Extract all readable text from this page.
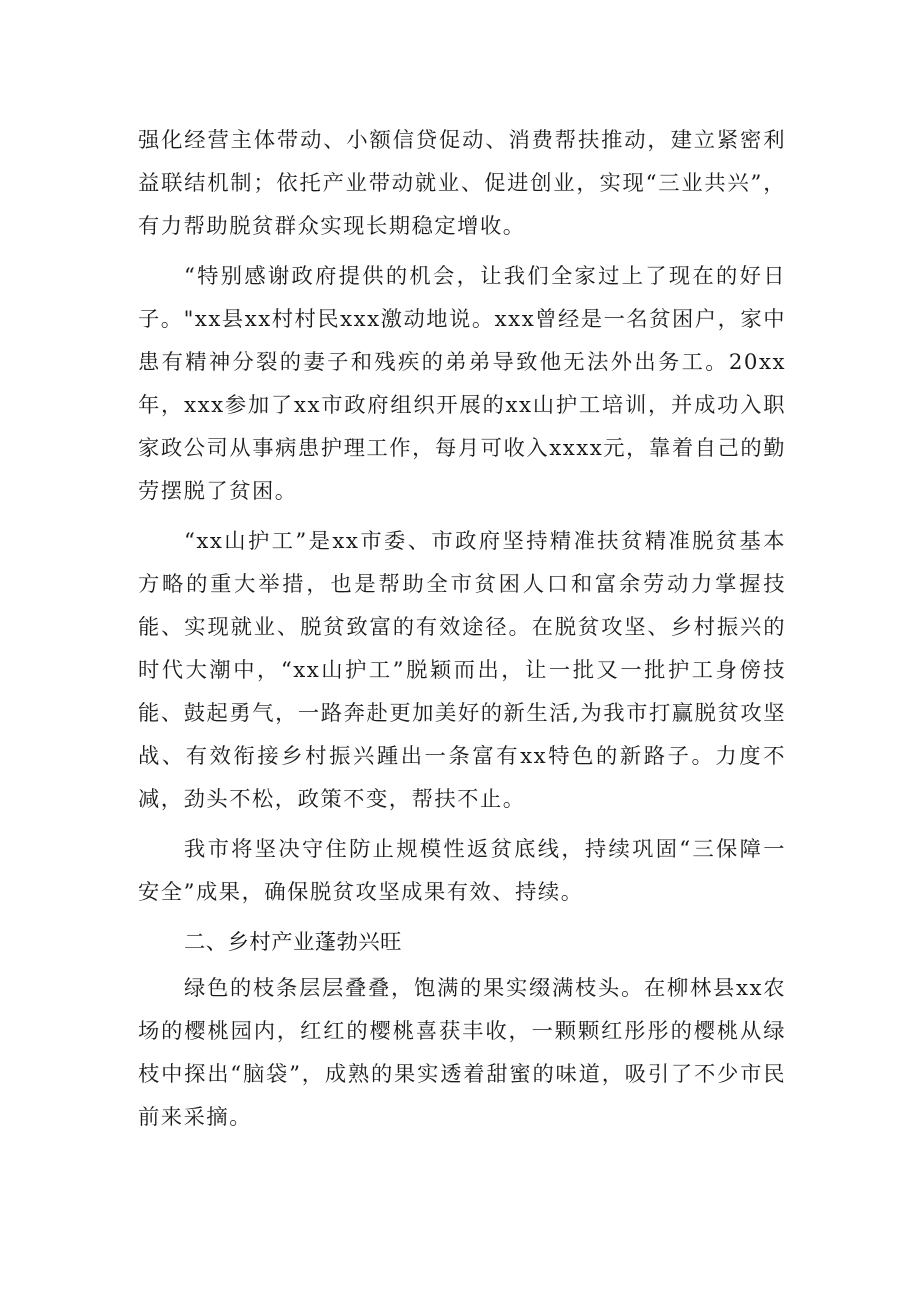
强化经营主体带动、小额信贷促动、消费帮扶推动，建立紧密利益联结机制；依托产业带动就业、促进创业，实现“三业共兴”，有力帮助脱贫群众实现长期稳定增收。

“特别感谢政府提供的机会，让我们全家过上了现在的好日子。"xx县xx村村民xxx激动地说。xxx曾经是一名贫困户，家中患有精神分裂的妻子和残疾的弟弟导致他无法外出务工。20xx年，xxx参加了xx市政府组织开展的xx山护工培训，并成功入职家政公司从事病患护理工作，每月可收入xxxx元，靠着自己的勤劳摆脱了贫困。

“xx山护工”是xx市委、市政府坚持精准扶贫精准脱贫基本方略的重大举措，也是帮助全市贫困人口和富余劳动力掌握技能、实现就业、脱贫致富的有效途径。在脱贫攻坚、乡村振兴的时代大潮中，“xx山护工”脱颖而出，让一批又一批护工身傍技能、鼓起勇气，一路奔赴更加美好的新生活,为我市打赢脱贫攻坚战、有效衔接乡村振兴踵出一条富有xx特色的新路子。力度不减，劲头不松，政策不变，帮扶不止。

我市将坚决守住防止规模性返贫底线，持续巩固“三保障一安全”成果，确保脱贫攻坚成果有效、持续。

二、乡村产业蓬勃兴旺

绿色的枝条层层叠叠，饱满的果实缀满枝头。在柳林县xx农场的樱桃园内，红红的樱桃喜获丰收，一颗颗红彤彤的樱桃从绿枝中探出“脑袋”，成熟的果实透着甜蜜的味道，吸引了不少市民前来采摘。
